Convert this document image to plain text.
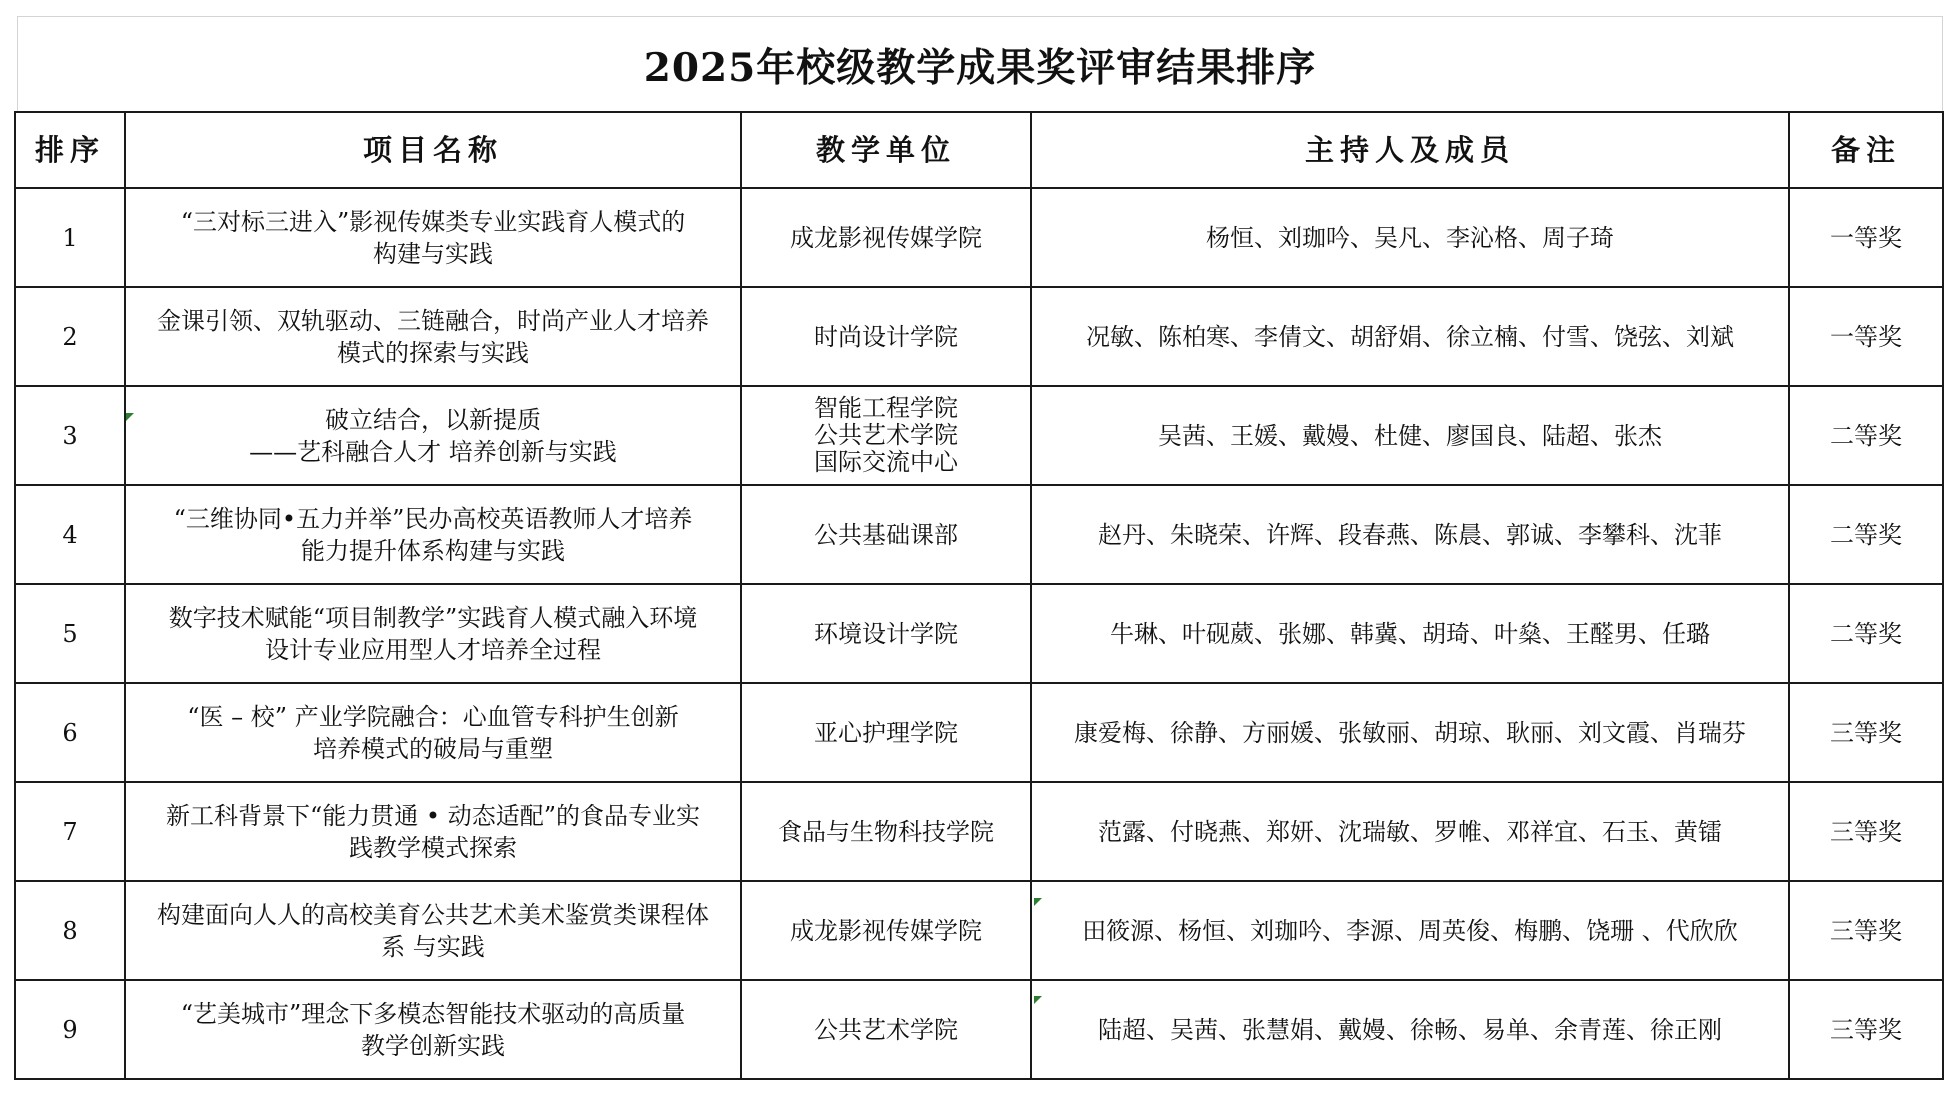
2025年校级教学成果奖评审结果排序
排序	项目名称	教学单位	主持人及成员	备注
1	“三对标三进入”影视传媒类专业实践育人模式的
构建与实践	成龙影视传媒学院	杨恒、刘珈吟、吴凡、李沁格、周子琦	一等奖
2	金课引领、双轨驱动、三链融合，时尚产业人才培养
模式的探索与实践	时尚设计学院	况敏、陈柏寒、李倩文、胡舒娟、徐立楠、付雪、饶弦、刘斌	一等奖
3	破立结合，以新提质
——艺科融合人才 培养创新与实践	智能工程学院
公共艺术学院
国际交流中心	吴茜、王媛、戴嫚、杜健、廖国良、陆超、张杰	二等奖
4	“三维协同•五力并举”民办高校英语教师人才培养
能力提升体系构建与实践	公共基础课部	赵丹、朱晓荣、许辉、段春燕、陈晨、郭诚、李攀科、沈菲	二等奖
5	数字技术赋能“项目制教学”实践育人模式融入环境
设计专业应用型人才培养全过程	环境设计学院	牛琳、叶砚葳、张娜、韩冀、胡琦、叶燊、王醛男、任璐	二等奖
6	“医 – 校” 产业学院融合：心血管专科护生创新
培养模式的破局与重塑	亚心护理学院	康爱梅、徐静、方丽媛、张敏丽、胡琼、耿丽、刘文霞、肖瑞芬	三等奖
7	新工科背景下“能力贯通 • 动态适配”的食品专业实
践教学模式探索	食品与生物科技学院	范露、付晓燕、郑妍、沈瑞敏、罗帷、邓祥宜、石玉、黄镭	三等奖
8	构建面向人人的高校美育公共艺术美术鉴赏类课程体
系 与实践	成龙影视传媒学院	田筱源、杨恒、刘珈吟、李源、周英俊、梅鹏、饶珊 、代欣欣	三等奖
9	“艺美城市”理念下多模态智能技术驱动的高质量
教学创新实践	公共艺术学院	陆超、吴茜、张慧娟、戴嫚、徐畅、易单、余青莲、徐正刚	三等奖
